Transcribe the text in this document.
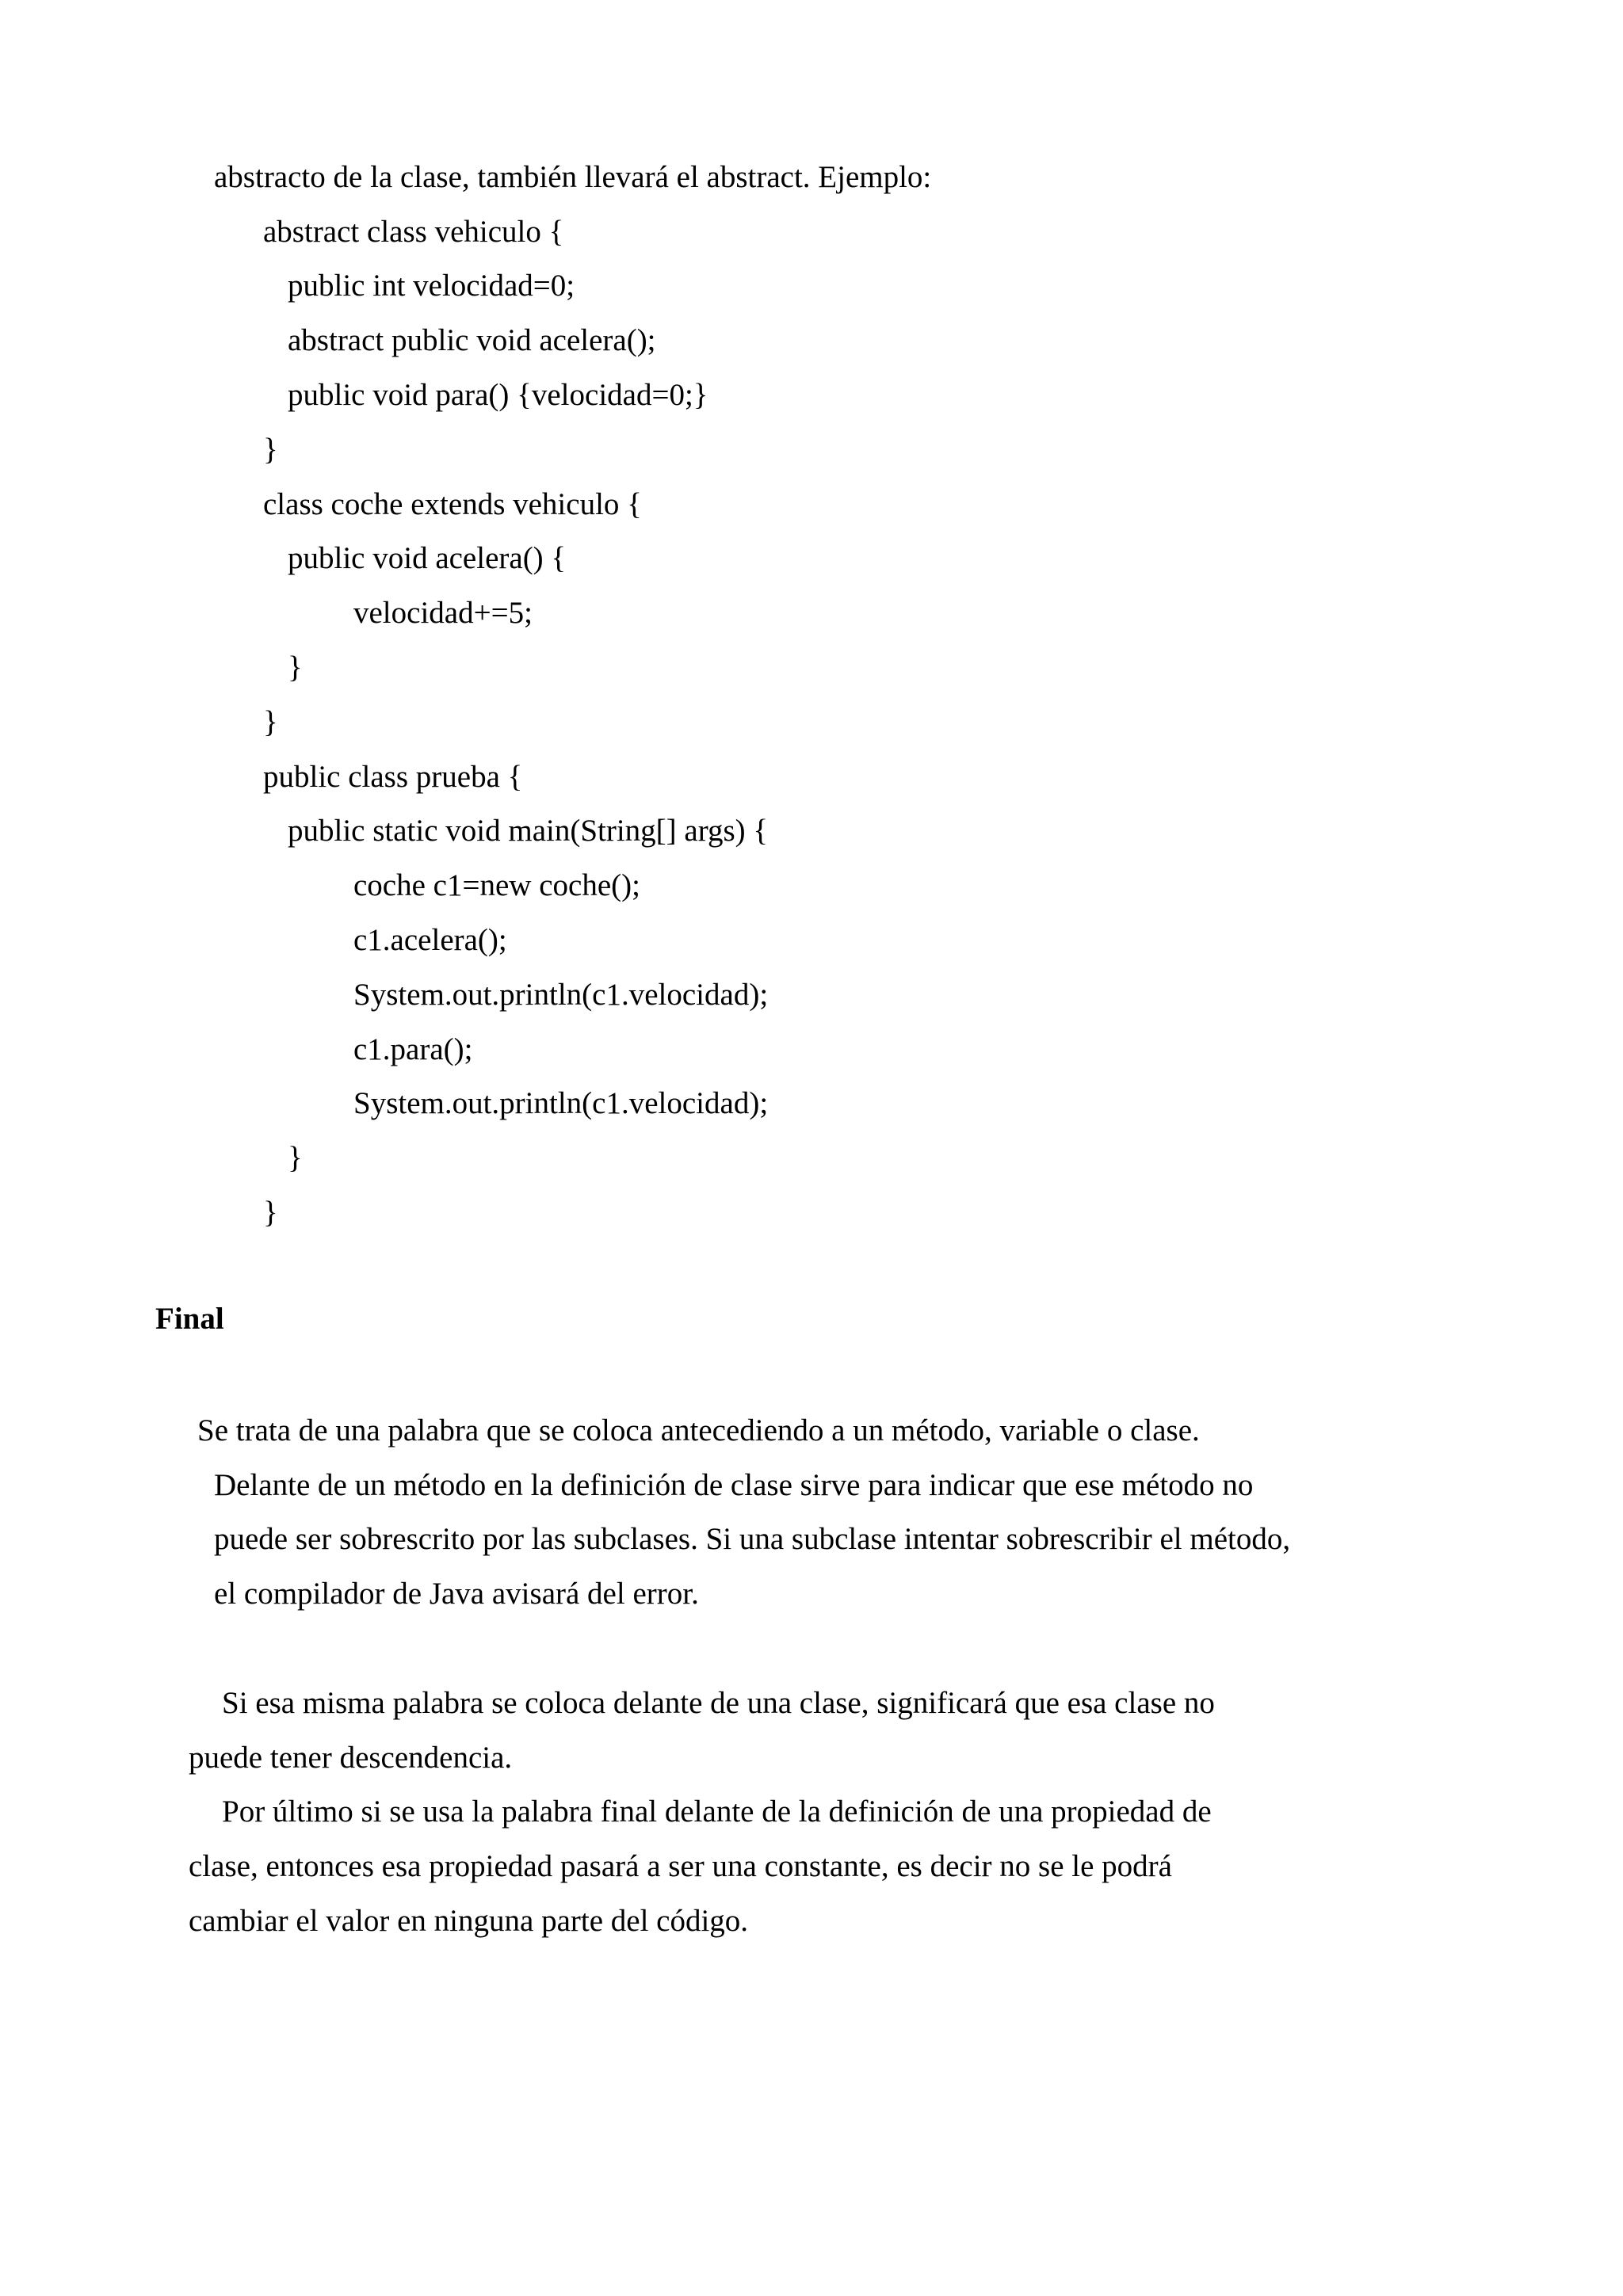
abstracto de la clase, también llevará el abstract. Ejemplo:

abstract class vehiculo {

public int velocidad=0;

abstract public void acelera();

public void para() {velocidad=0;}

}

class coche extends vehiculo {

public void acelera() {

velocidad+=5;

}

}

public class prueba {

public static void main(String[] args) {

coche c1=new coche();

c1.acelera();

System.out.println(c1.velocidad);

c1.para();

System.out.println(c1.velocidad);

}

}

Final

Se trata de una palabra que se coloca antecediendo a un método, variable o clase.

Delante de un método en la definición de clase sirve para indicar que ese método no

puede ser sobrescrito por las subclases. Si una subclase intentar sobrescribir el método,

el compilador de Java avisará del error.

Si esa misma palabra se coloca delante de una clase, significará que esa clase no

puede tener descendencia.

Por último si se usa la palabra final delante de la definición de una propiedad de

clase, entonces esa propiedad pasará a ser una constante, es decir no se le podrá

cambiar el valor en ninguna parte del código.
